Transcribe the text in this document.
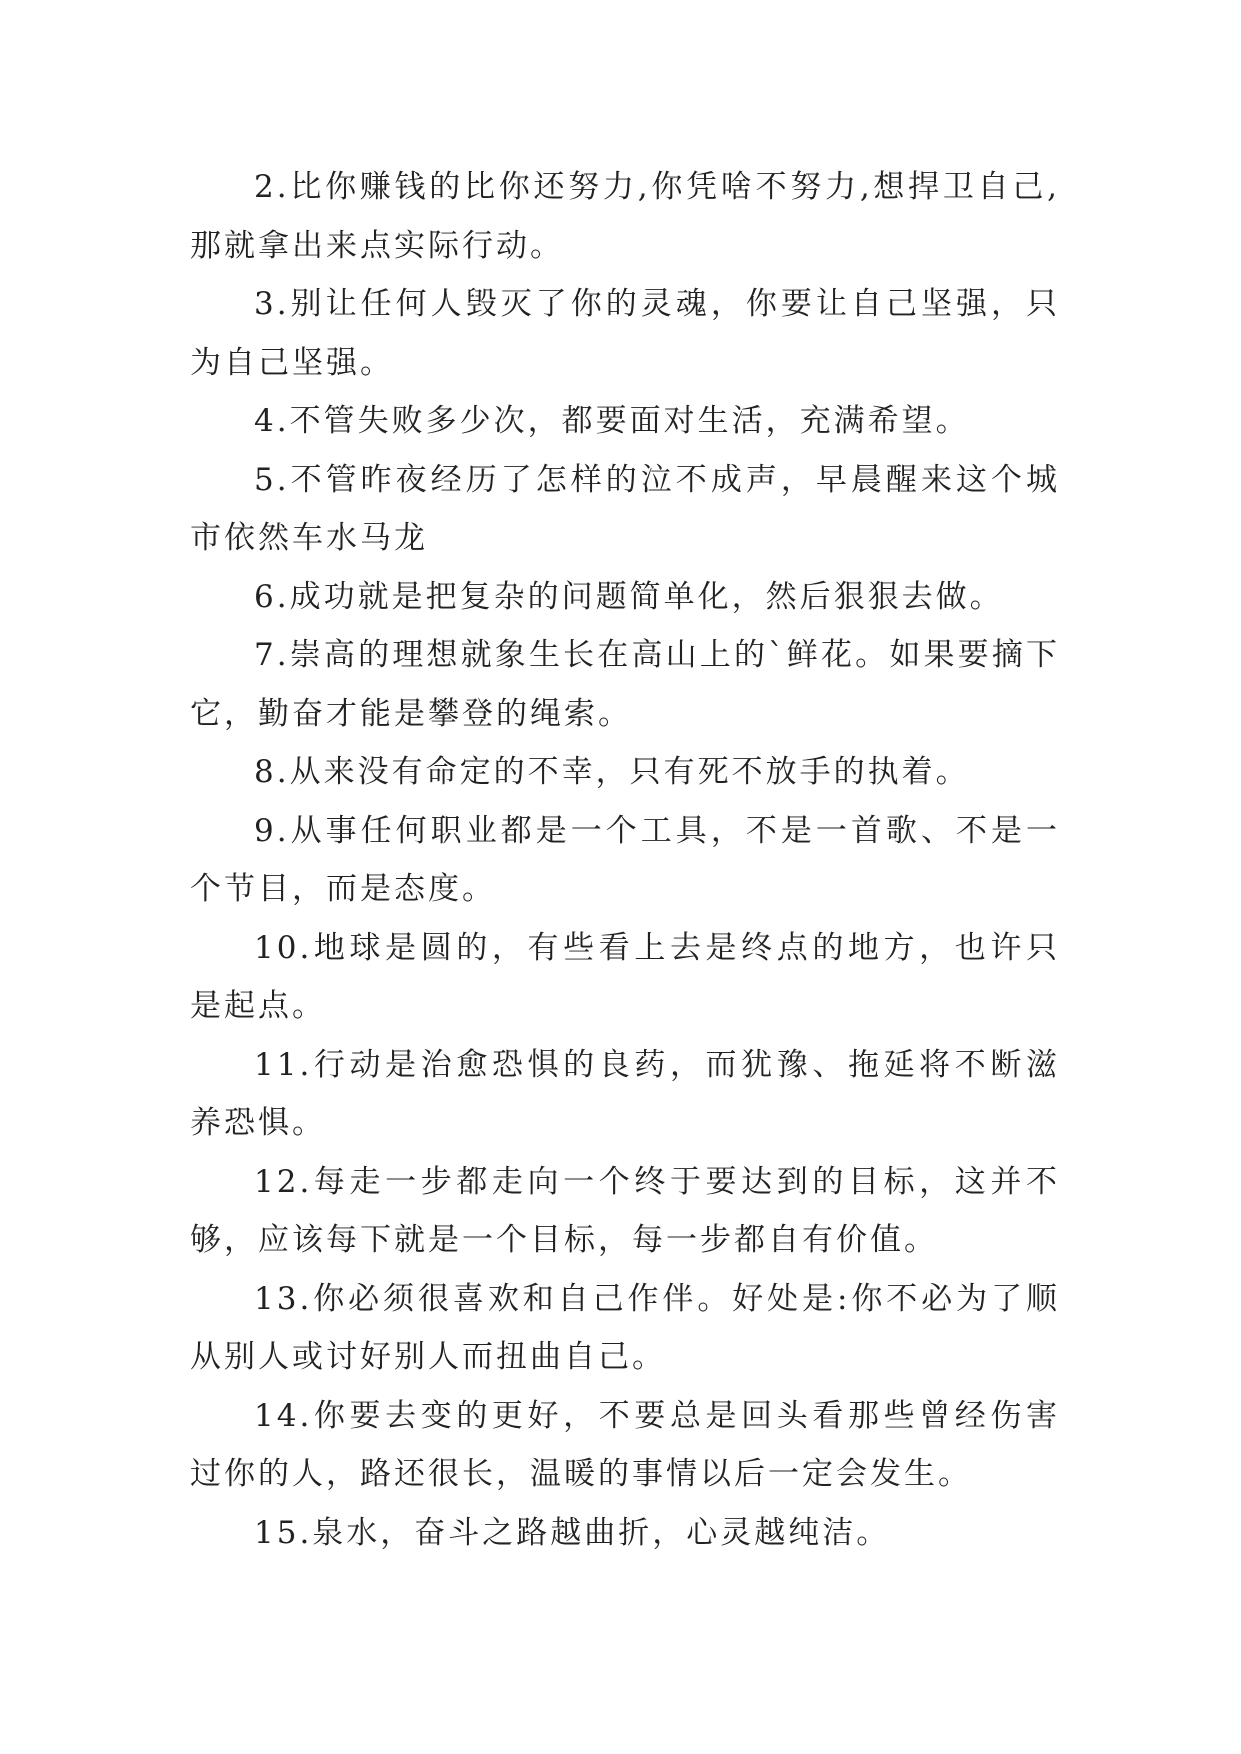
2.比你赚钱的比你还努力,你凭啥不努力,想捍卫自己,那就拿出来点实际行动。

3.别让任何人毁灭了你的灵魂，你要让自己坚强，只为自己坚强。

4.不管失败多少次，都要面对生活，充满希望。

5.不管昨夜经历了怎样的泣不成声，早晨醒来这个城市依然车水马龙

6.成功就是把复杂的问题简单化，然后狠狠去做。

7.崇高的理想就象生长在高山上的`鲜花。如果要摘下它，勤奋才能是攀登的绳索。

8.从来没有命定的不幸，只有死不放手的执着。

9.从事任何职业都是一个工具，不是一首歌、不是一个节目，而是态度。

10.地球是圆的，有些看上去是终点的地方，也许只是起点。

11.行动是治愈恐惧的良药，而犹豫、拖延将不断滋养恐惧。

12.每走一步都走向一个终于要达到的目标，这并不够，应该每下就是一个目标，每一步都自有价值。

13.你必须很喜欢和自己作伴。好处是:你不必为了顺从别人或讨好别人而扭曲自己。

14.你要去变的更好，不要总是回头看那些曾经伤害过你的人，路还很长，温暖的事情以后一定会发生。

15.泉水，奋斗之路越曲折，心灵越纯洁。
